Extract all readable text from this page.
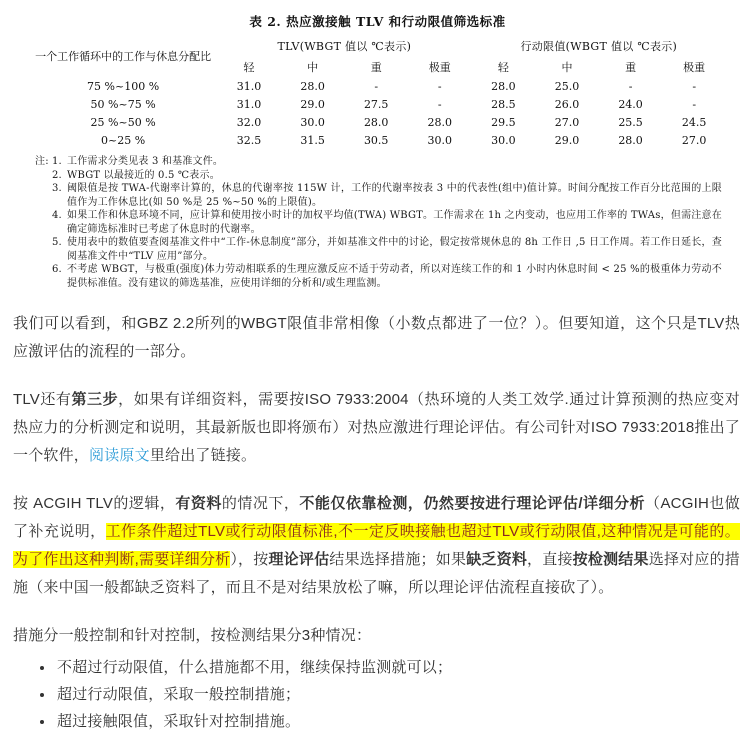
表 2. 热应激接触 TLV 和行动限值筛选标准
一个工作循环中的工作与休息分配比	TLV(WBGT 值以 ℃表示)				行动限值(WBGT 值以 ℃表示)			
	轻	中	重	极重	轻	中	重	极重
75 %~100 %	31.0	28.0	-	-	28.0	25.0	-	-
50 %~75 %	31.0	29.0	27.5	-	28.5	26.0	24.0	-
25 %~50 %	32.0	30.0	28.0	28.0	29.5	27.0	25.5	24.5
0~25 %	32.5	31.5	30.5	30.0	30.0	29.0	28.0	27.0
注: 1. 工作需求分类见表 3 和基准文件。
2. WBGT 以最接近的 0.5 ℃表示。
3. 阈限值是按 TWA-代谢率计算的，休息的代谢率按 115W 计，工作的代谢率按表 3 中的代表性(组中)值计算。时间分配按工作百分比范围的上限值作为工作休息比(如 50 %是 25 %~50 %的上限值)。
4. 如果工作和休息环境不同，应计算和使用按小时计的加权平均值(TWA) WBGT。工作需求在 1h 之内变动，也应用工作率的 TWAs，但需注意在确定筛选标准时已考虑了休息时的代谢率。
5. 使用表中的数值要查阅基准文件中“工作-休息制度”部分，并如基准文件中的讨论，假定按常规休息的 8h 工作日 ,5 日工作周。若工作日延长，查阅基准文件中“TLV 应用”部分。
6. 不考虑 WBGT，与极重(强度)体力劳动相联系的生理应激反应不适于劳动者，所以对连续工作的和 1 小时内休息时间 < 25 %的极重体力劳动不提供标准值。没有建议的筛选基准，应使用详细的分析和/或生理监测。

我们可以看到，和GBZ 2.2所列的WBGT限值非常相像（小数点都进了一位？）。但要知道，这个只是TLV热应激评估的流程的一部分。

TLV还有第三步，如果有详细资料，需要按ISO 7933:2004（热环境的人类工效学.通过计算预测的热应变对热应力的分析测定和说明，其最新版也即将颁布）对热应激进行理论评估。有公司针对ISO 7933:2018推出了一个软件，阅读原文里给出了链接。

按 ACGIH TLV的逻辑，有资料的情况下，不能仅依靠检测，仍然要按进行理论评估/详细分析（ACGIH也做了补充说明，工作条件超过TLV或行动限值标准,不一定反映接触也超过TLV或行动限值,这种情况是可能的。为了作出这种判断,需要详细分析），按理论评估结果选择措施；如果缺乏资料，直接按检测结果选择对应的措施（来中国一般都缺乏资料了，而且不是对结果放松了嘛，所以理论评估流程直接砍了）。

措施分一般控制和针对控制，按检测结果分3种情况：

• 不超过行动限值，什么措施都不用，继续保持监测就可以；
• 超过行动限值，采取一般控制措施；
• 超过接触限值，采取针对控制措施。
